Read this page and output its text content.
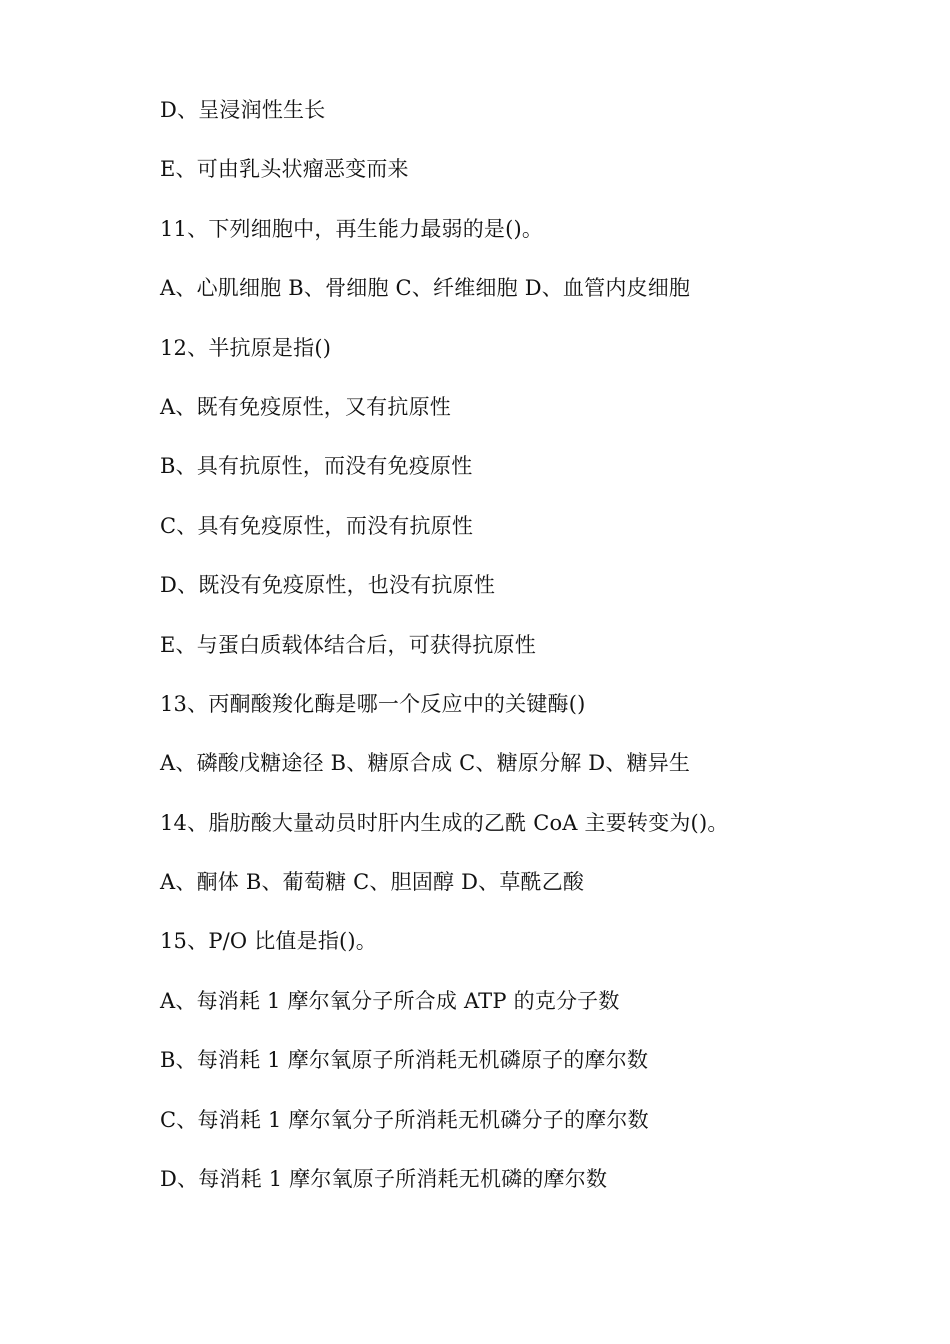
D、呈浸润性生长
E、可由乳头状瘤恶变而来
11、下列细胞中，再生能力最弱的是()。
A、心肌细胞 B、骨细胞 C、纤维细胞 D、血管内皮细胞
12、半抗原是指()
A、既有免疫原性，又有抗原性
B、具有抗原性，而没有免疫原性
C、具有免疫原性，而没有抗原性
D、既没有免疫原性，也没有抗原性
E、与蛋白质载体结合后，可获得抗原性
13、丙酮酸羧化酶是哪一个反应中的关键酶()
A、磷酸戊糖途径 B、糖原合成 C、糖原分解 D、糖异生
14、脂肪酸大量动员时肝内生成的乙酰 CoA 主要转变为()。
A、酮体 B、葡萄糖 C、胆固醇 D、草酰乙酸
15、P/O 比值是指()。
A、每消耗 1 摩尔氧分子所合成 ATP 的克分子数
B、每消耗 1 摩尔氧原子所消耗无机磷原子的摩尔数
C、每消耗 1 摩尔氧分子所消耗无机磷分子的摩尔数
D、每消耗 1 摩尔氧原子所消耗无机磷的摩尔数
